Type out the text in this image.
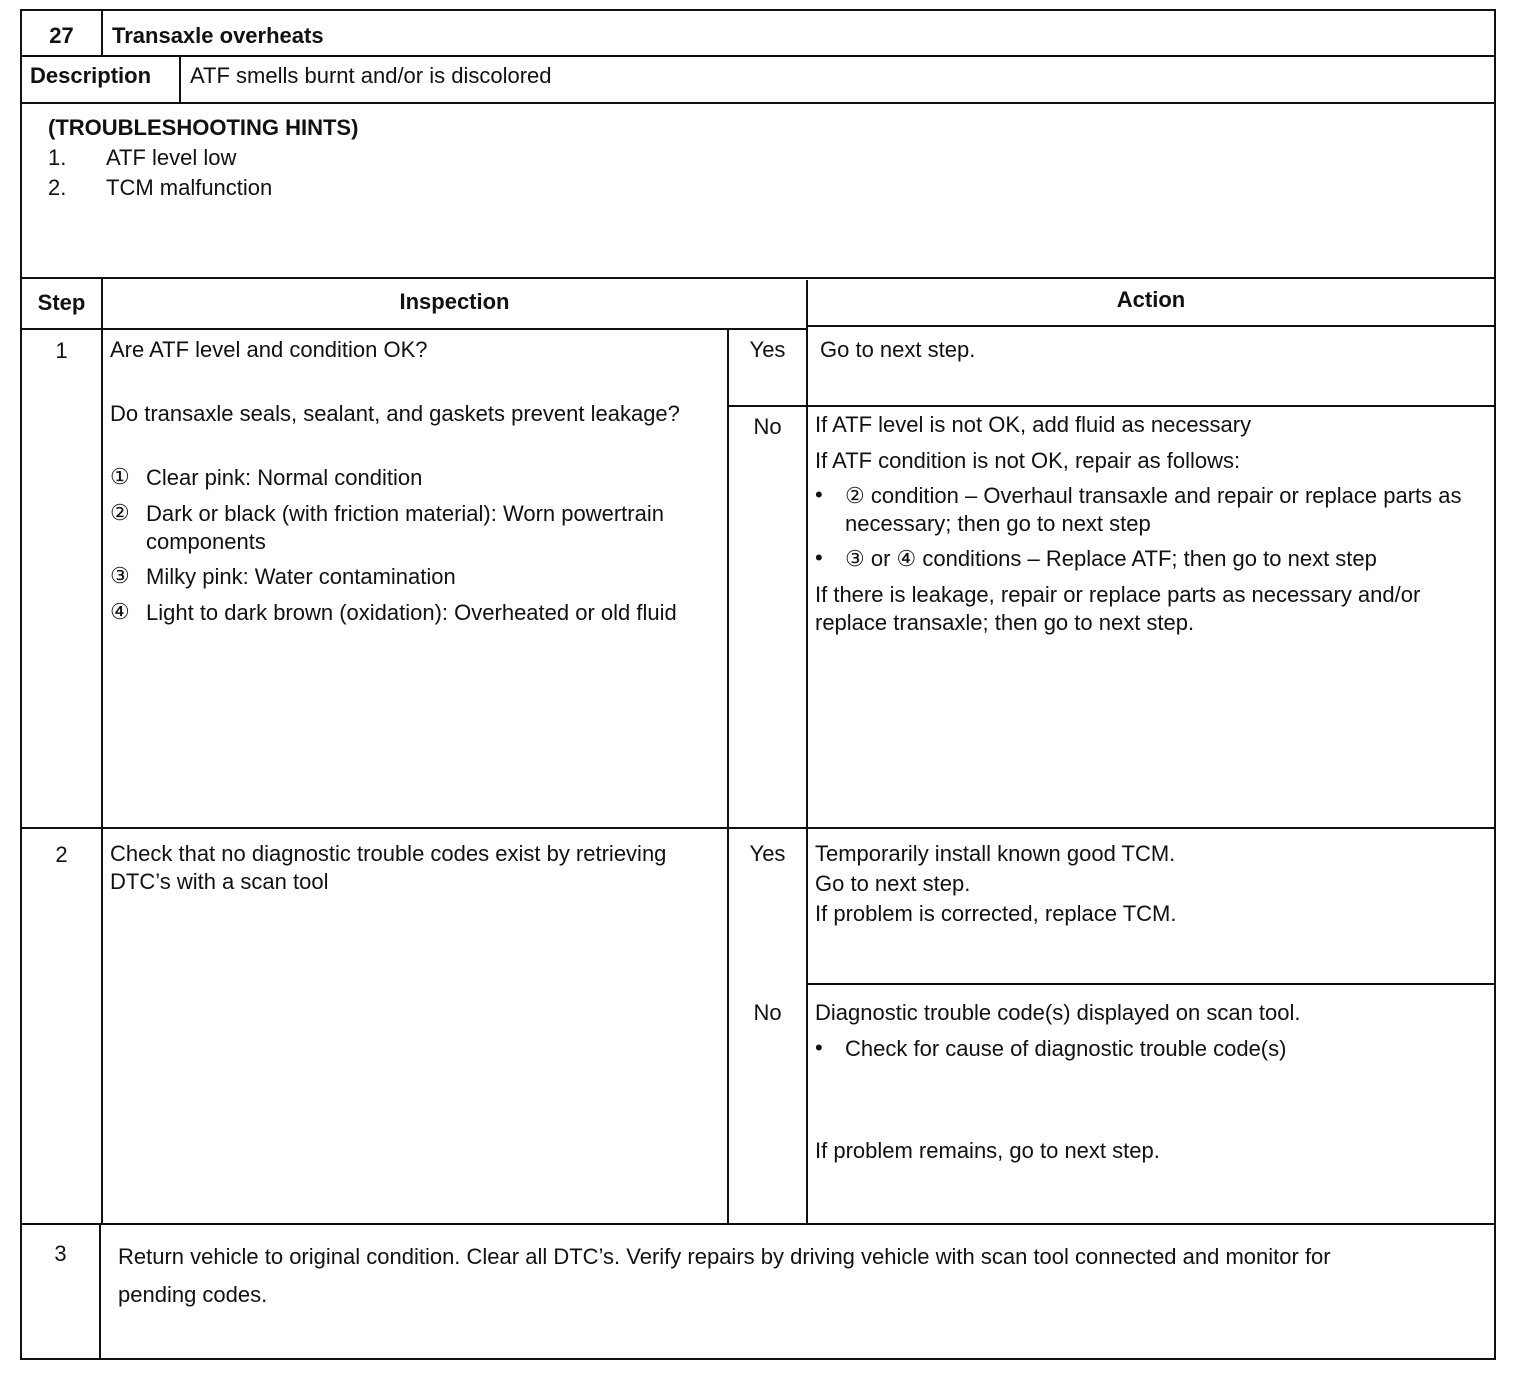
27	Transaxle overheats
Description ATF smells burnt and/or is discolored
(TROUBLESHOOTING HINTS)
1. ATF level low
2. TCM malfunction
Step	Inspection	Action
1	Are ATF level and condition OK?
Do transaxle seals, sealant, and gaskets prevent leakage?
① Clear pink: Normal condition
② Dark or black (with friction material): Worn powertrain components
③ Milky pink: Water contamination
④ Light to dark brown (oxidation): Overheated or old fluid
Yes	Go to next step.
No	If ATF level is not OK, add fluid as necessary
If ATF condition is not OK, repair as follows:
•	② condition – Overhaul transaxle and repair or replace parts as necessary; then go to next step
•	③ or ④ conditions – Replace ATF; then go to next step
If there is leakage, repair or replace parts as necessary and/or replace transaxle; then go to next step.
2	Check that no diagnostic trouble codes exist by retrieving DTC’s with a scan tool
Yes	Temporarily install known good TCM.
Go to next step.
If problem is corrected, replace TCM.
No	Diagnostic trouble code(s) displayed on scan tool.
•	Check for cause of diagnostic trouble code(s)
If problem remains, go to next step.
3	Return vehicle to original condition. Clear all DTC’s. Verify repairs by driving vehicle with scan tool connected and monitor for pending codes.
